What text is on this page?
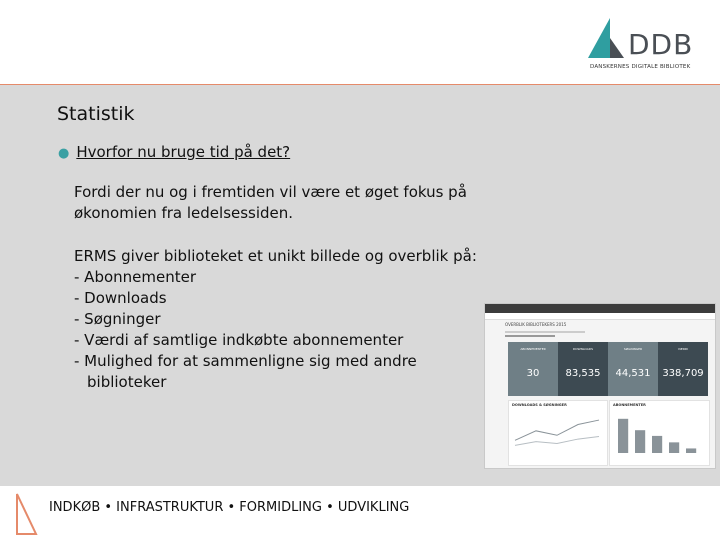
DDB
DANSKERNES DIGITALE BIBLIOTEK
Statistik
● Hvorfor nu bruge tid på det?
Fordi der nu og i fremtiden vil være et øget fokus på økonomien fra ledelsessiden.
ERMS giver biblioteket et unikt billede og overblik på:
- Abonnementer
- Downloads
- Søgninger
- Værdi af samtlige indkøbte abonnementer
- Mulighed for at sammenligne sig med andre
biblioteker
OVERBLIK BIBLIOTEKERS 2015
ABONNEMENTER
30
DOWNLOADS
83,535
SØGNINGER
44,531
VÆRDI
338,709
DOWNLOADS & SØGNINGER	ABONNEMENTER
INDKØB • INFRASTRUKTUR • FORMIDLING • UDVIKLING
